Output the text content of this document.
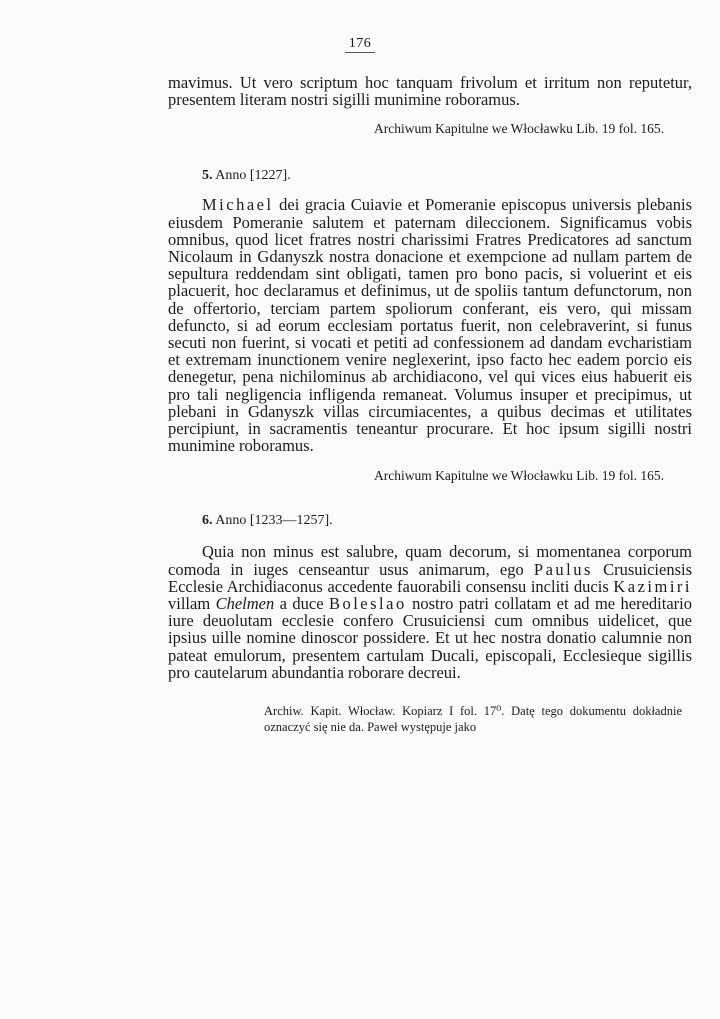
176

mavimus. Ut vero scriptum hoc tanquam frivolum et irritum non reputetur, presentem literam nostri sigilli munimine roboramus.

Archiwum Kapitulne we Włocławku Lib. 19 fol. 165.

5. Anno [1227].

Michael dei gracia Cuiavie et Pomeranie episcopus universis plebanis eiusdem Pomeranie salutem et paternam dileccionem. Significamus vobis omnibus, quod licet fratres nostri charissimi Fratres Predicatores ad sanctum Nicolaum in Gdanyszk nostra donacione et exempcione ad nullam partem de sepultura reddendam sint obligati, tamen pro bono pacis, si voluerint et eis placuerit, hoc declaramus et definimus, ut de spoliis tantum defunctorum, non de offertorio, terciam partem spoliorum conferant, eis vero, qui missam defuncto, si ad eorum ecclesiam portatus fuerit, non celebraverint, si funus secuti non fuerint, si vocati et petiti ad confessionem ad dandam evcharistiam et extremam inunctionem venire neglexerint, ipso facto hec eadem porcio eis denegetur, pena nichilominus ab archidiacono, vel qui vices eius habuerit eis pro tali negligencia infligenda remaneat. Volumus insuper et precipimus, ut plebani in Gdanyszk villas circumiacentes, a quibus decimas et utilitates percipiunt, in sacramentis teneantur procurare. Et hoc ipsum sigilli nostri munimine roboramus.

Archiwum Kapitulne we Włocławku Lib. 19 fol. 165.

6. Anno [1233—1257].

Quia non minus est salubre, quam decorum, si momentanea corporum comoda in iuges censeantur usus animarum, ego Paulus Crusuiciensis Ecclesie Archidiaconus accedente fauorabili consensu incliti ducis Kazimiri villam Chelmen a duce Boleslao nostro patri collatam et ad me hereditario iure deuolutam ecclesie confero Crusuiciensi cum omnibus uidelicet, que ipsius uille nomine dinoscor possidere. Et ut hec nostra donatio calumnie non pateat emulorum, presentem cartulam Ducali, episcopali, Ecclesieque sigillis pro cautelarum abundantia roborare decreui.

Archiw. Kapit. Włocław. Kopiarz I fol. 17⁰. Datę tego dokumentu dokładnie oznaczyć się nie da. Paweł występuje jako
